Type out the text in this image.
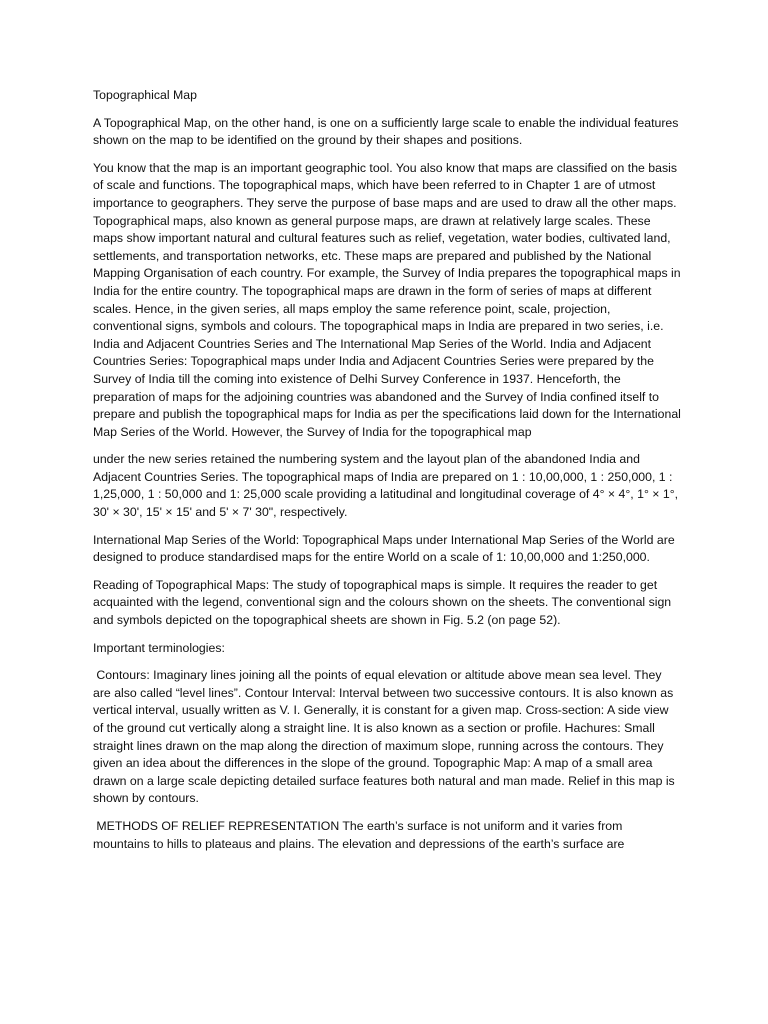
Topographical Map

A Topographical Map, on the other hand, is one on a sufficiently large scale to enable the individual features shown on the map to be identified on the ground by their shapes and positions.

You know that the map is an important geographic tool. You also know that maps are classified on the basis of scale and functions. The topographical maps, which have been referred to in Chapter 1 are of utmost importance to geographers. They serve the purpose of base maps and are used to draw all the other maps. Topographical maps, also known as general purpose maps, are drawn at relatively large scales. These maps show important natural and cultural features such as relief, vegetation, water bodies, cultivated land, settlements, and transportation networks, etc. These maps are prepared and published by the National Mapping Organisation of each country. For example, the Survey of India prepares the topographical maps in India for the entire country. The topographical maps are drawn in the form of series of maps at different scales. Hence, in the given series, all maps employ the same reference point, scale, projection, conventional signs, symbols and colours. The topographical maps in India are prepared in two series, i.e. India and Adjacent Countries Series and The International Map Series of the World. India and Adjacent Countries Series: Topographical maps under India and Adjacent Countries Series were prepared by the Survey of India till the coming into existence of Delhi Survey Conference in 1937. Henceforth, the preparation of maps for the adjoining countries was abandoned and the Survey of India confined itself to prepare and publish the topographical maps for India as per the specifications laid down for the International Map Series of the World. However, the Survey of India for the topographical map

under the new series retained the numbering system and the layout plan of the abandoned India and Adjacent Countries Series. The topographical maps of India are prepared on 1 : 10,00,000, 1 : 250,000, 1 : 1,25,000, 1 : 50,000 and 1: 25,000 scale providing a latitudinal and longitudinal coverage of 4° × 4°, 1° × 1°, 30' × 30', 15' × 15' and 5' × 7' 30", respectively.

International Map Series of the World: Topographical Maps under International Map Series of the World are designed to produce standardised maps for the entire World on a scale of 1: 10,00,000 and 1:250,000.

Reading of Topographical Maps: The study of topographical maps is simple. It requires the reader to get acquainted with the legend, conventional sign and the colours shown on the sheets. The conventional sign and symbols depicted on the topographical sheets are shown in Fig. 5.2 (on page 52).

Important terminologies:

Contours: Imaginary lines joining all the points of equal elevation or altitude above mean sea level. They are also called “level lines”. Contour Interval: Interval between two successive contours. It is also known as vertical interval, usually written as V. I. Generally, it is constant for a given map. Cross-section: A side view of the ground cut vertically along a straight line. It is also known as a section or profile. Hachures: Small straight lines drawn on the map along the direction of maximum slope, running across the contours. They given an idea about the differences in the slope of the ground. Topographic Map: A map of a small area drawn on a large scale depicting detailed surface features both natural and man made. Relief in this map is shown by contours.

METHODS OF RELIEF REPRESENTATION The earth’s surface is not uniform and it varies from mountains to hills to plateaus and plains. The elevation and depressions of the earth’s surface are
